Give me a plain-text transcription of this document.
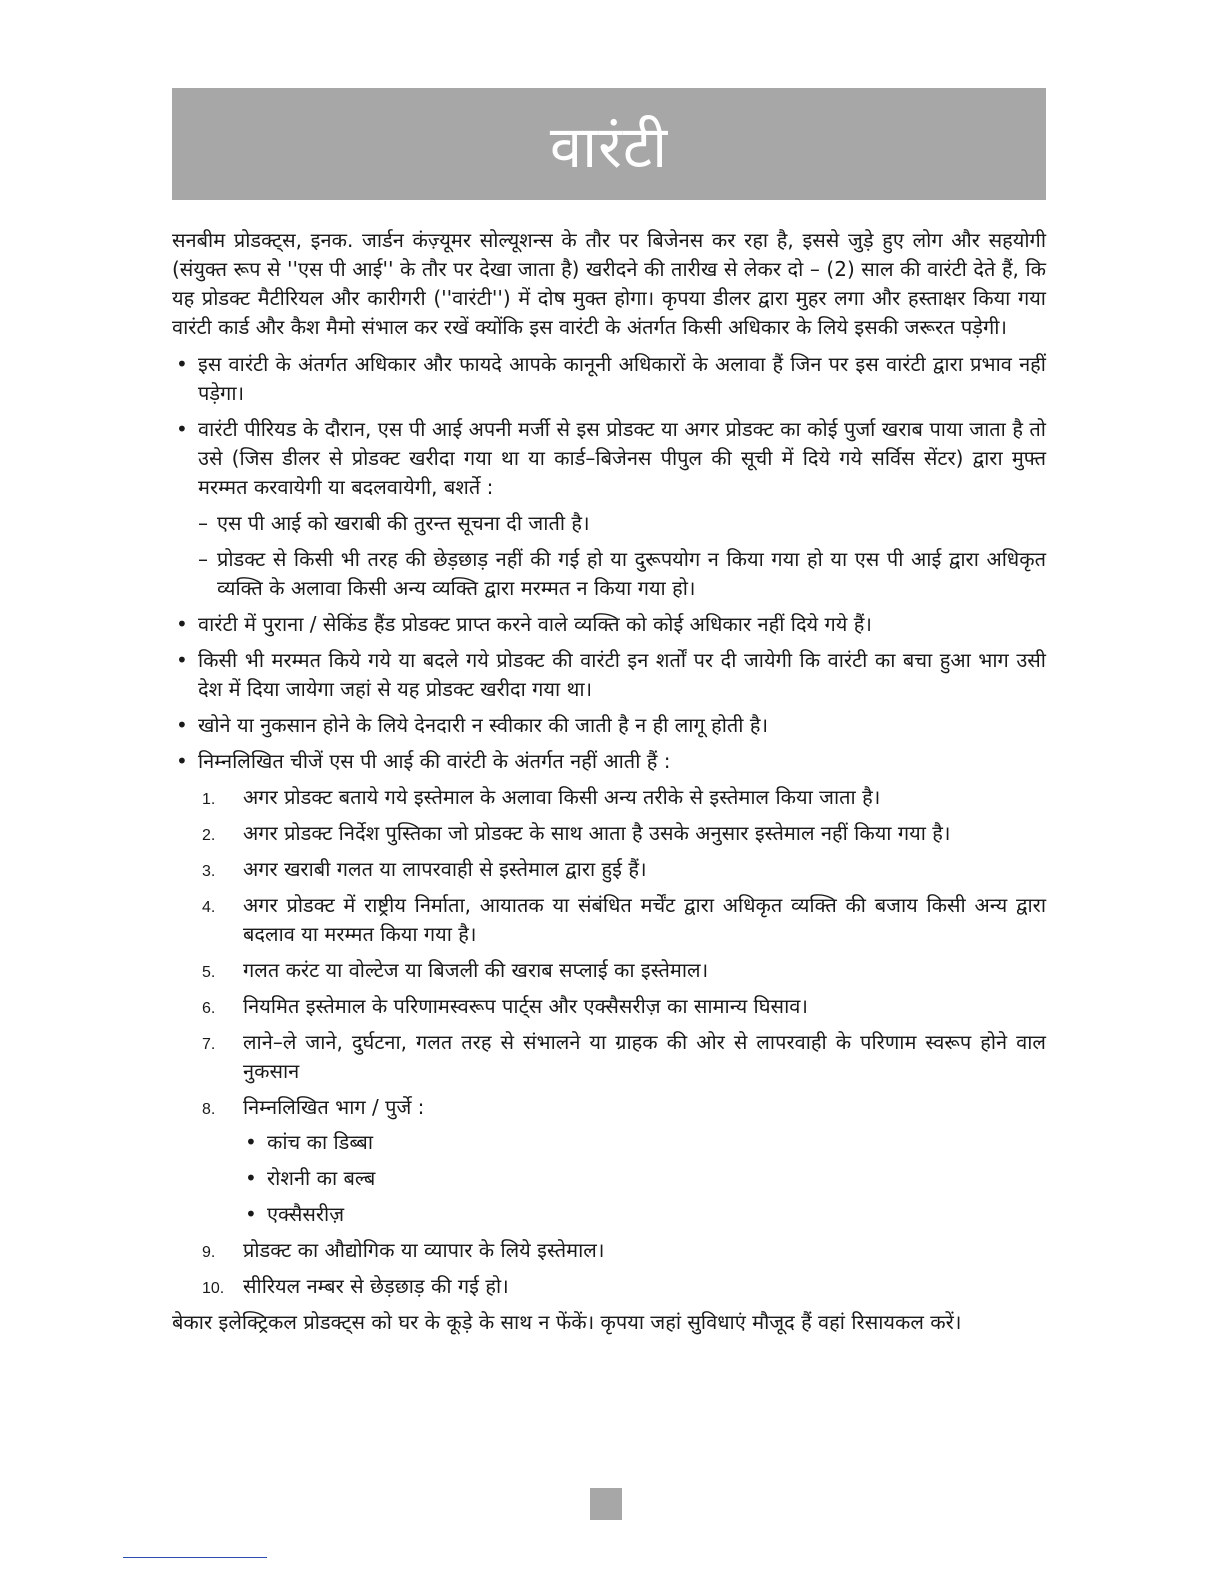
वारंटी
सनबीम प्रोडक्ट्स, इनक. जार्डन कंज़्यूमर सोल्यूशन्स के तौर पर बिजेनस कर रहा है, इससे जुड़े हुए लोग और सहयोगी (संयुक्त रूप से ''एस पी आई'' के तौर पर देखा जाता है) खरीदने की तारीख से लेकर दो – (2) साल की वारंटी देते हैं, कि यह प्रोडक्ट मैटीरियल और कारीगरी (''वारंटी'') में दोष मुक्त होगा। कृपया डीलर द्वारा मुहर लगा और हस्ताक्षर किया गया वारंटी कार्ड और कैश मैमो संभाल कर रखें क्योंकि इस वारंटी के अंतर्गत किसी अधिकार के लिये इसकी जरूरत पड़ेगी।
• इस वारंटी के अंतर्गत अधिकार और फायदे आपके कानूनी अधिकारों के अलावा हैं जिन पर इस वारंटी द्वारा प्रभाव नहीं पड़ेगा।
• वारंटी पीरियड के दौरान, एस पी आई अपनी मर्जी से इस प्रोडक्ट या अगर प्रोडक्ट का कोई पुर्जा खराब पाया जाता है तो उसे (जिस डीलर से प्रोडक्ट खरीदा गया था या कार्ड–बिजेनस पीपुल की सूची में दिये गये सर्विस सेंटर) द्वारा मुफ्त मरम्मत करवायेगी या बदलवायेगी, बशर्ते :
– एस पी आई को खराबी की तुरन्त सूचना दी जाती है।
– प्रोडक्ट से किसी भी तरह की छेड़छाड़ नहीं की गई हो या दुरूपयोग न किया गया हो या एस पी आई द्वारा अधिकृत व्यक्ति के अलावा किसी अन्य व्यक्ति द्वारा मरम्मत न किया गया हो।
• वारंटी में पुराना / सेकिंड हैंड प्रोडक्ट प्राप्त करने वाले व्यक्ति को कोई अधिकार नहीं दिये गये हैं।
• किसी भी मरम्मत किये गये या बदले गये प्रोडक्ट की वारंटी इन शर्तों पर दी जायेगी कि वारंटी का बचा हुआ भाग उसी देश में दिया जायेगा जहां से यह प्रोडक्ट खरीदा गया था।
• खोने या नुकसान होने के लिये देनदारी न स्वीकार की जाती है न ही लागू होती है।
• निम्नलिखित चीजें एस पी आई की वारंटी के अंतर्गत नहीं आती हैं :
1. अगर प्रोडक्ट बताये गये इस्तेमाल के अलावा किसी अन्य तरीके से इस्तेमाल किया जाता है।
2. अगर प्रोडक्ट निर्देश पुस्तिका जो प्रोडक्ट के साथ आता है उसके अनुसार इस्तेमाल नहीं किया गया है।
3. अगर खराबी गलत या लापरवाही से इस्तेमाल द्वारा हुई हैं।
4. अगर प्रोडक्ट में राष्ट्रीय निर्माता, आयातक या संबंधित मर्चेंट द्वारा अधिकृत व्यक्ति की बजाय किसी अन्य द्वारा बदलाव या मरम्मत किया गया है।
5. गलत करंट या वोल्टेज या बिजली की खराब सप्लाई का इस्तेमाल।
6. नियमित इस्तेमाल के परिणामस्वरूप पार्ट्स और एक्सैसरीज़ का सामान्य घिसाव।
7. लाने–ले जाने, दुर्घटना, गलत तरह से संभालने या ग्राहक की ओर से लापरवाही के परिणाम स्वरूप होने वाल नुकसान
8. निम्नलिखित भाग / पुर्जे :
• कांच का डिब्बा
• रोशनी का बल्ब
• एक्सैसरीज़
9. प्रोडक्ट का औद्योगिक या व्यापार के लिये इस्तेमाल।
10. सीरियल नम्बर से छेड़छाड़ की गई हो।
बेकार इलेक्ट्रिकल प्रोडक्ट्स को घर के कूड़े के साथ न फेंकें। कृपया जहां सुविधाएं मौजूद हैं वहां रिसायकल करें।
